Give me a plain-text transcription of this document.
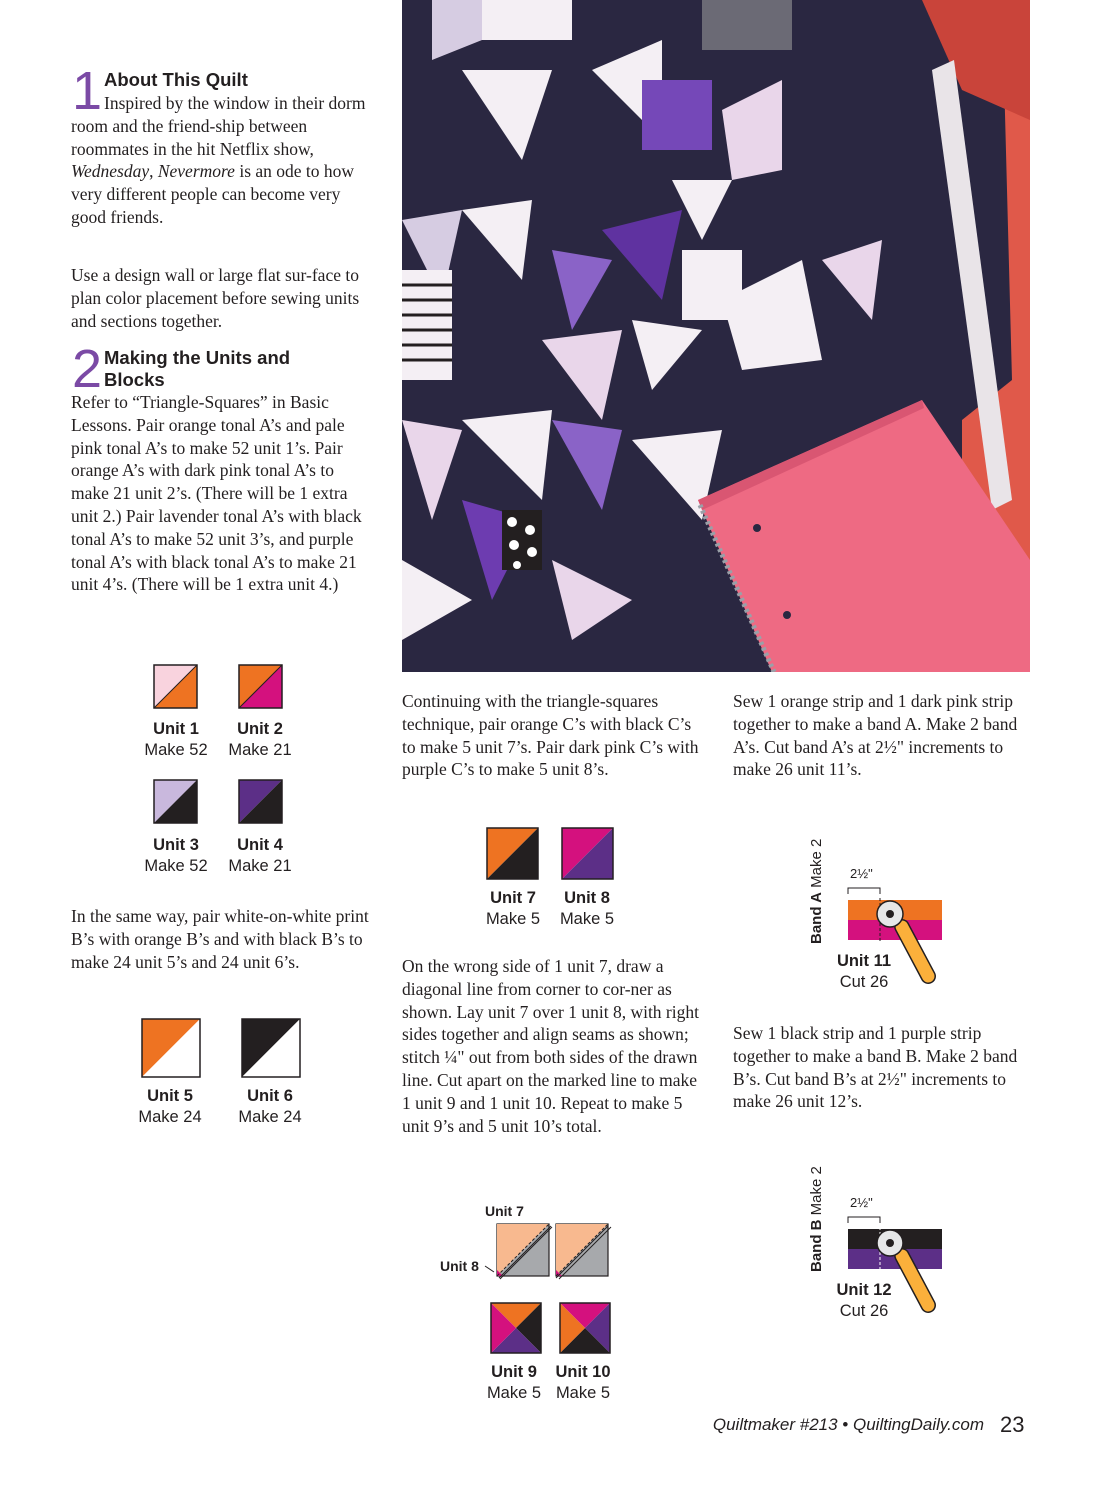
1 About This Quilt

Inspired by the window in their dorm room and the friend-ship between roommates in the hit Netflix show, Wednesday, Nevermore is an ode to how very different people can become very good friends.

Use a design wall or large flat sur-face to plan color placement before sewing units and sections together.

2 Making the Units and Blocks

Refer to “Triangle-Squares” in Basic Lessons. Pair orange tonal A’s and pale pink tonal A’s to make 52 unit 1’s. Pair orange A’s with dark pink tonal A’s to make 21 unit 2’s. (There will be 1 extra unit 2.) Pair lavender tonal A’s with black tonal A’s to make 52 unit 3’s, and purple tonal A’s with black tonal A’s to make 21 unit 4’s. (There will be 1 extra unit 4.)

In the same way, pair white-on-white print B’s with orange B’s and with black B’s to make 24 unit 5’s and 24 unit 6’s.

Unit 1
Make 52
Unit 2
Make 21
Unit 3
Make 52
Unit 4
Make 21
Unit 5
Make 24
Unit 6
Make 24

Continuing with the triangle-squares technique, pair orange C’s with black C’s to make 5 unit 7’s. Pair dark pink C’s with purple C’s to make 5 unit 8’s.

Unit 7
Make 5
Unit 8
Make 5

On the wrong side of 1 unit 7, draw a diagonal line from corner to cor-ner as shown. Lay unit 7 over 1 unit 8, with right sides together and align seams as shown; stitch ¼" out from both sides of the drawn line. Cut apart on the marked line to make 1 unit 9 and 1 unit 10. Repeat to make 5 unit 9’s and 5 unit 10’s total.

Unit 7
Unit 8
Unit 9
Make 5
Unit 10
Make 5

Sew 1 orange strip and 1 dark pink strip together to make a band A. Make 2 band A’s. Cut band A’s at 2½" increments to make 26 unit 11’s.

Band A Make 2 2½"
Unit 11
Cut 26

Sew 1 black strip and 1 purple strip together to make a band B. Make 2 band B’s. Cut band B’s at 2½" increments to make 26 unit 12’s.

Band B Make 2 2½"
Unit 12
Cut 26
Quiltmaker #213 • QuiltingDaily.com 23
